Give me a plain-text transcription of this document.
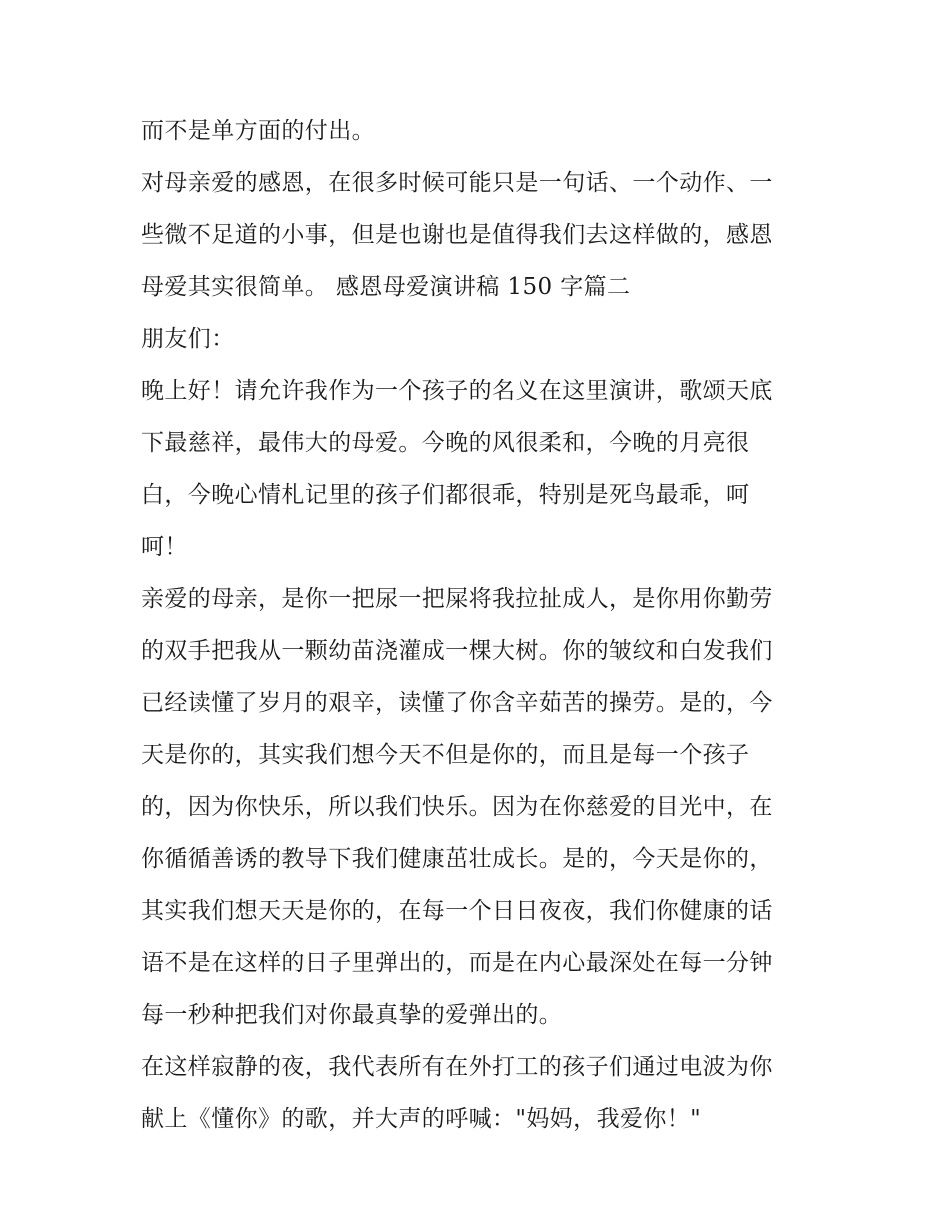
而不是单方面的付出。
对母亲爱的感恩，在很多时候可能只是一句话、一个动作、一
些微不足道的小事，但是也谢也是值得我们去这样做的，感恩
母爱其实很简单。 感恩母爱演讲稿 150 字篇二
朋友们：
晚上好！请允许我作为一个孩子的名义在这里演讲，歌颂天底
下最慈祥，最伟大的母爱。今晚的风很柔和，今晚的月亮很
白，今晚心情札记里的孩子们都很乖，特别是死鸟最乖，呵
呵！
亲爱的母亲，是你一把尿一把屎将我拉扯成人，是你用你勤劳
的双手把我从一颗幼苗浇灌成一棵大树。你的皱纹和白发我们
已经读懂了岁月的艰辛，读懂了你含辛茹苦的操劳。是的，今
天是你的，其实我们想今天不但是你的，而且是每一个孩子
的，因为你快乐，所以我们快乐。因为在你慈爱的目光中，在
你循循善诱的教导下我们健康茁壮成长。是的，今天是你的，
其实我们想天天是你的，在每一个日日夜夜，我们你健康的话
语不是在这样的日子里弹出的，而是在内心最深处在每一分钟
每一秒种把我们对你最真挚的爱弹出的。
在这样寂静的夜，我代表所有在外打工的孩子们通过电波为你
献上《懂你》的歌，并大声的呼喊："妈妈，我爱你！"
